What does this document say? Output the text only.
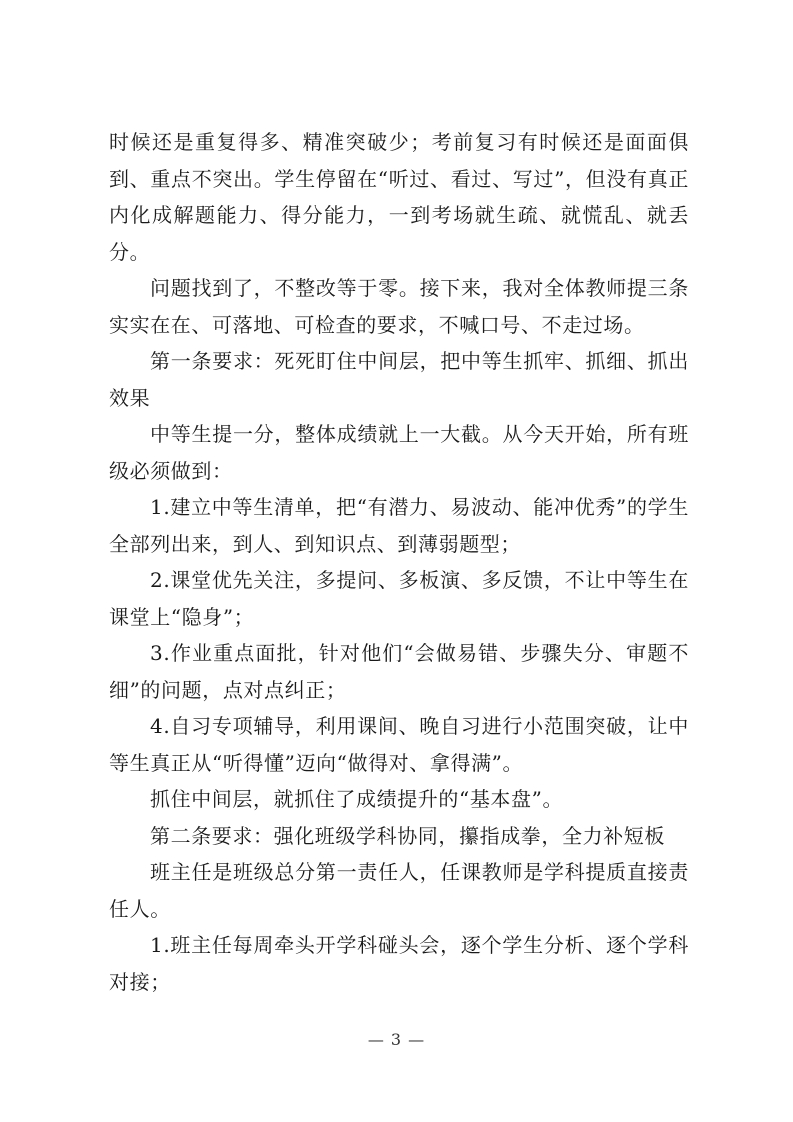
时候还是重复得多、精准突破少；考前复习有时候还是面面俱到、重点不突出。学生停留在“听过、看过、写过”，但没有真正内化成解题能力、得分能力，一到考场就生疏、就慌乱、就丢分。

问题找到了，不整改等于零。接下来，我对全体教师提三条实实在在、可落地、可检查的要求，不喊口号、不走过场。

第一条要求：死死盯住中间层，把中等生抓牢、抓细、抓出效果

中等生提一分，整体成绩就上一大截。从今天开始，所有班级必须做到：

1.建立中等生清单，把“有潜力、易波动、能冲优秀”的学生全部列出来，到人、到知识点、到薄弱题型；

2.课堂优先关注，多提问、多板演、多反馈，不让中等生在课堂上“隐身”；

3.作业重点面批，针对他们“会做易错、步骤失分、审题不细”的问题，点对点纠正；

4.自习专项辅导，利用课间、晚自习进行小范围突破，让中等生真正从“听得懂”迈向“做得对、拿得满”。

抓住中间层，就抓住了成绩提升的“基本盘”。

第二条要求：强化班级学科协同，攥指成拳，全力补短板

班主任是班级总分第一责任人，任课教师是学科提质直接责任人。

1.班主任每周牵头开学科碰头会，逐个学生分析、逐个学科对接；

— 3 —
